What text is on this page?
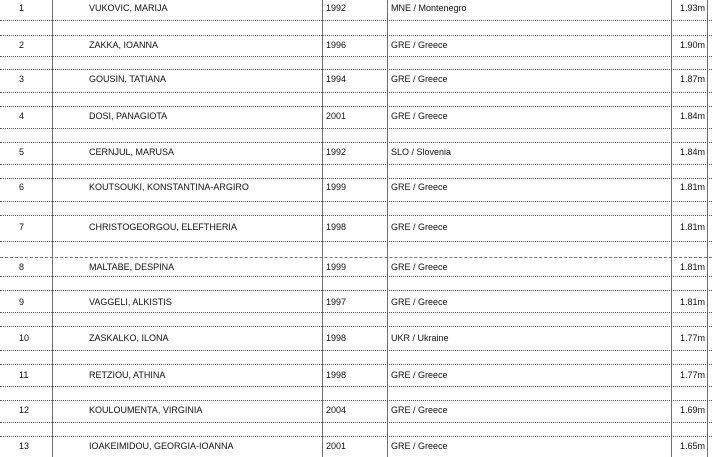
1	VUKOVIC, MARIJA	1992	MNE / Montenegro	1.93m
2	ZAKKA, IOANNA	1996	GRE / Greece	1.90m
3	GOUSIN, TATIANA	1994	GRE / Greece	1.87m
4	DOSI, PANAGIOTA	2001	GRE / Greece	1.84m
5	CERNJUL, MARUSA	1992	SLO / Slovenia	1.84m
6	KOUTSOUKI, KONSTANTINA-ARGIRO	1999	GRE / Greece	1.81m
7	CHRISTOGEORGOU, ELEFTHERIA	1998	GRE / Greece	1.81m
8	MALTABE, DESPINA	1999	GRE / Greece	1.81m
9	VAGGELI, ALKISTIS	1997	GRE / Greece	1.81m
10	ZASKALKO, ILONA	1998	UKR / Ukraine	1.77m
11	RETZIOU, ATHINA	1998	GRE / Greece	1.77m
12	KOULOUMENTA, VIRGINIA	2004	GRE / Greece	1.69m
13	IOAKEIMIDOU, GEORGIA-IOANNA	2001	GRE / Greece	1.65m
